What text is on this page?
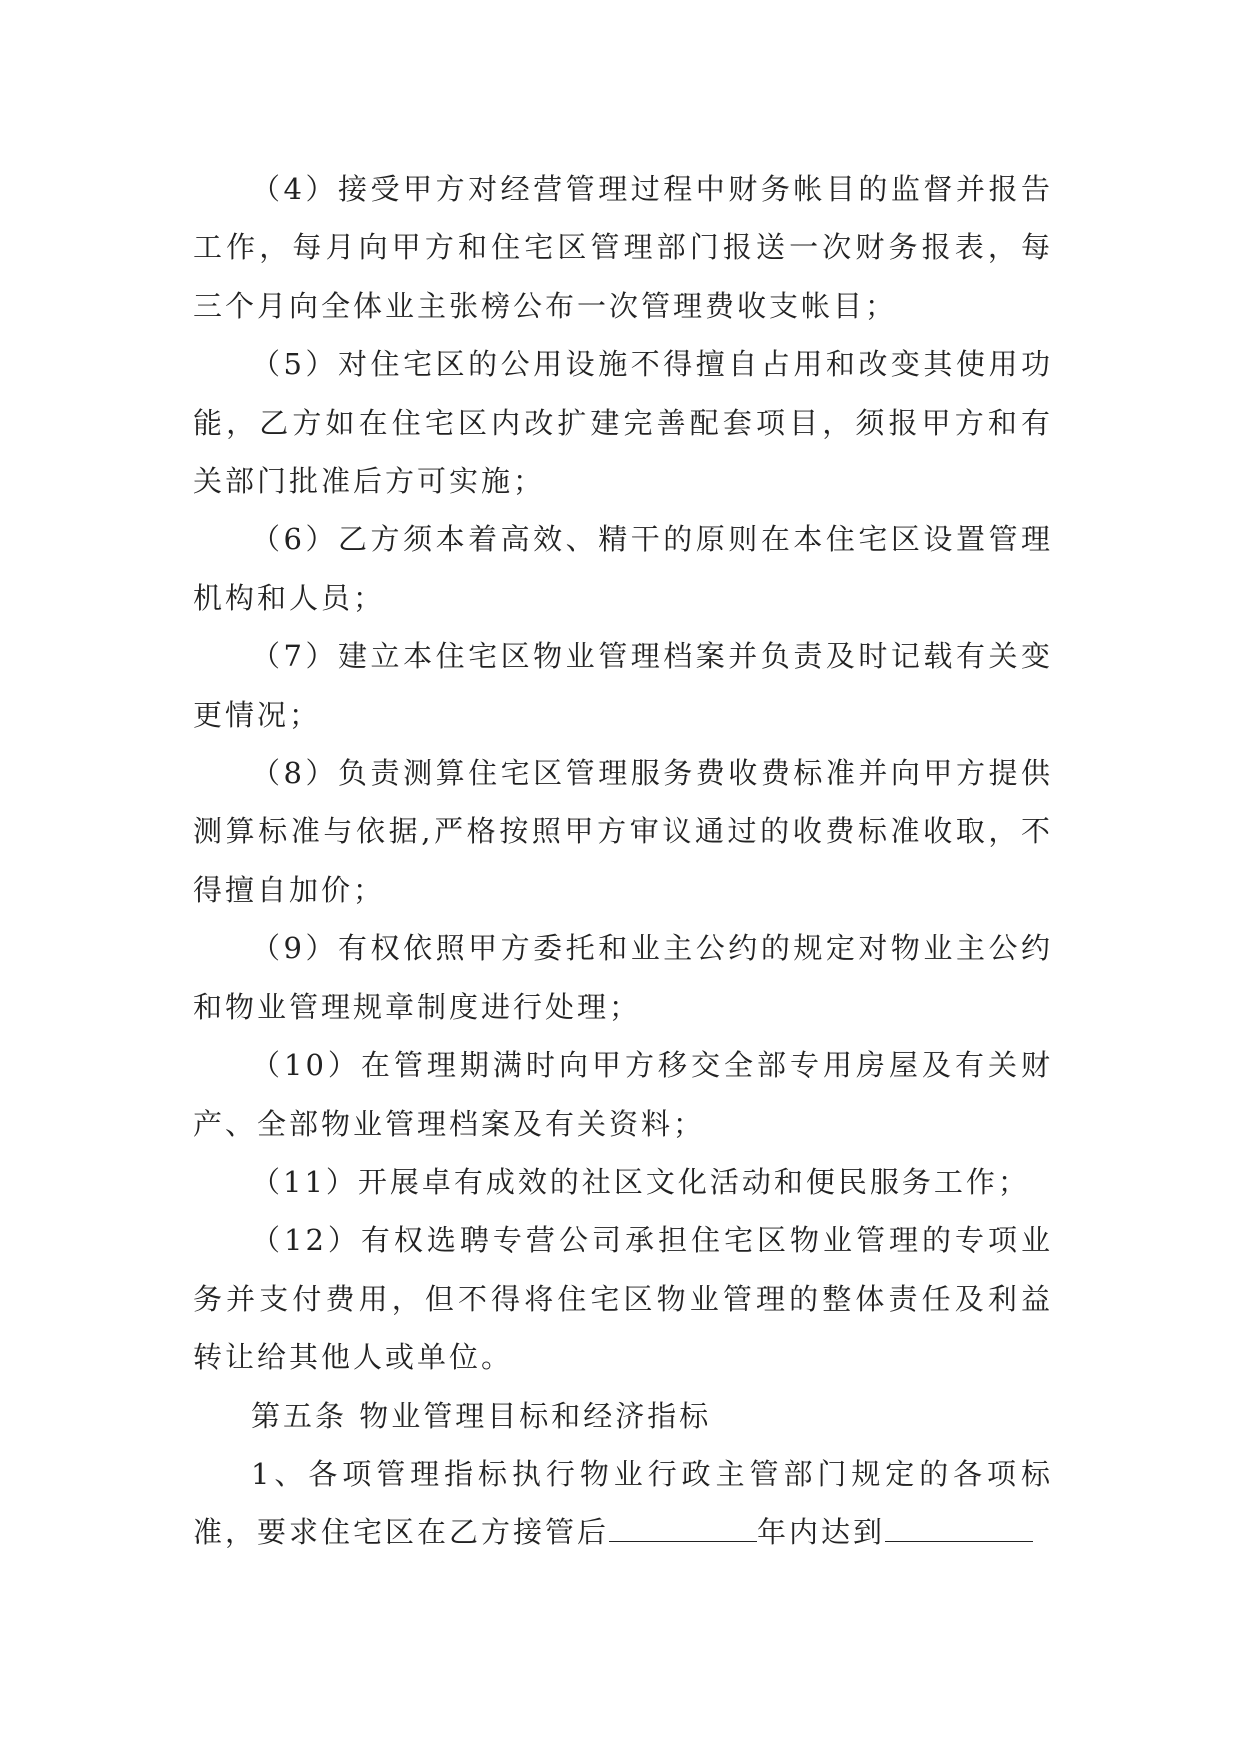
（4）接受甲方对经营管理过程中财务帐目的监督并报告工作，每月向甲方和住宅区管理部门报送一次财务报表，每三个月向全体业主张榜公布一次管理费收支帐目；

（5）对住宅区的公用设施不得擅自占用和改变其使用功能，乙方如在住宅区内改扩建完善配套项目，须报甲方和有关部门批准后方可实施；

（6）乙方须本着高效、精干的原则在本住宅区设置管理机构和人员；

（7）建立本住宅区物业管理档案并负责及时记载有关变更情况；

（8）负责测算住宅区管理服务费收费标准并向甲方提供测算标准与依据,严格按照甲方审议通过的收费标准收取，不得擅自加价；

（9）有权依照甲方委托和业主公约的规定对物业主公约和物业管理规章制度进行处理；

（10）在管理期满时向甲方移交全部专用房屋及有关财产、全部物业管理档案及有关资料；

（11）开展卓有成效的社区文化活动和便民服务工作；

（12）有权选聘专营公司承担住宅区物业管理的专项业务并支付费用，但不得将住宅区物业管理的整体责任及利益转让给其他人或单位。

第五条 物业管理目标和经济指标

1、各项管理指标执行物业行政主管部门规定的各项标准，要求住宅区在乙方接管后	年内达到
